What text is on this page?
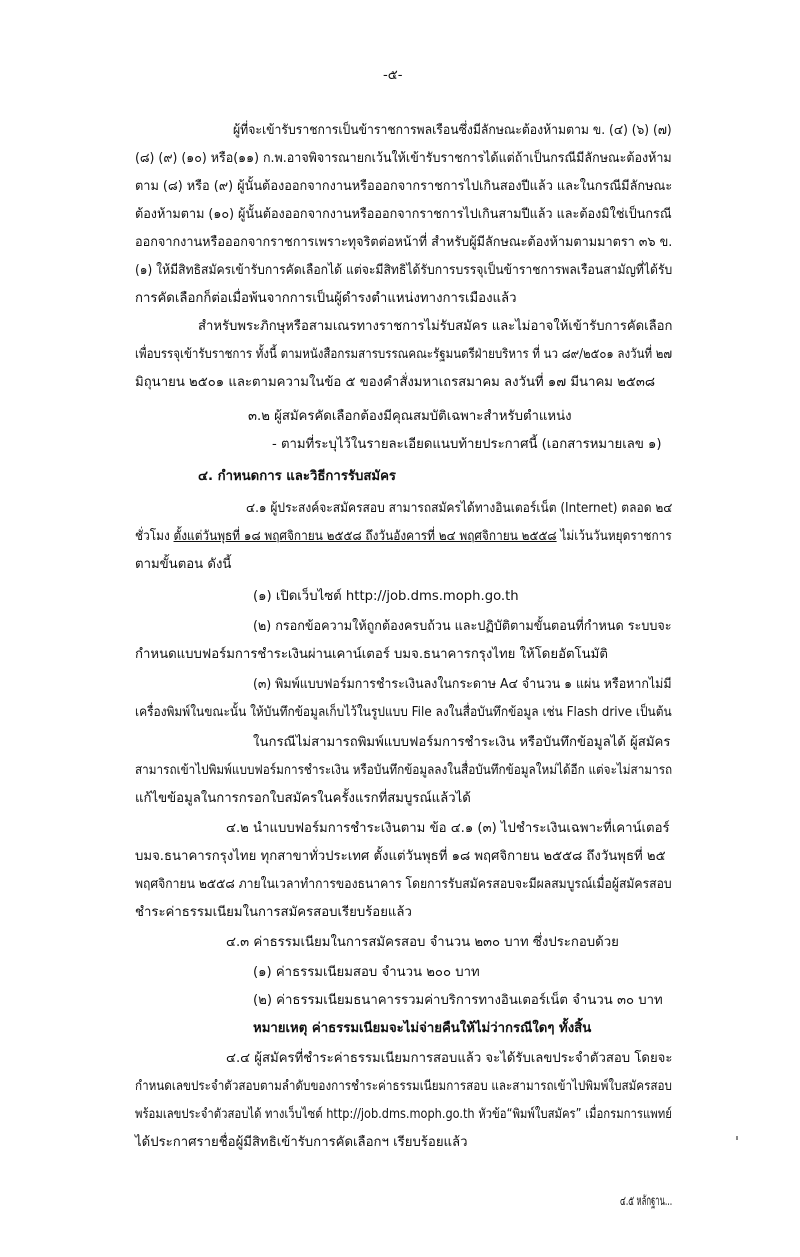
-๕-
ผู้ที่จะเข้ารับราชการเป็นข้าราชการพลเรือนซึ่งมีลักษณะต้องห้ามตาม ข. (๔) (๖) (๗)
(๘) (๙) (๑๐) หรือ(๑๑) ก.พ.อาจพิจารณายกเว้นให้เข้ารับราชการได้แต่ถ้าเป็นกรณีมีลักษณะต้องห้าม
ตาม (๘) หรือ (๙) ผู้นั้นต้องออกจากงานหรือออกจากราชการไปเกินสองปีแล้ว และในกรณีมีลักษณะ
ต้องห้ามตาม (๑๐) ผู้นั้นต้องออกจากงานหรือออกจากราชการไปเกินสามปีแล้ว และต้องมิใช่เป็นกรณี
ออกจากงานหรือออกจากราชการเพราะทุจริตต่อหน้าที่ สำหรับผู้มีลักษณะต้องห้ามตามมาตรา ๓๖ ข.
(๑) ให้มีสิทธิสมัครเข้ารับการคัดเลือกได้ แต่จะมีสิทธิได้รับการบรรจุเป็นข้าราชการพลเรือนสามัญที่ได้รับ
การคัดเลือกก็ต่อเมื่อพ้นจากการเป็นผู้ดำรงตำแหน่งทางการเมืองแล้ว
สำหรับพระภิกษุหรือสามเณรทางราชการไม่รับสมัคร และไม่อาจให้เข้ารับการคัดเลือก
เพื่อบรรจุเข้ารับราชการ ทั้งนี้ ตามหนังสือกรมสารบรรณคณะรัฐมนตรีฝ่ายบริหาร ที่ นว ๘๙/๒๕๐๑ ลงวันที่ ๒๗
มิถุนายน ๒๕๐๑ และตามความในข้อ ๕ ของคำสั่งมหาเถรสมาคม ลงวันที่ ๑๗ มีนาคม ๒๕๓๘
๓.๒ ผู้สมัครคัดเลือกต้องมีคุณสมบัติเฉพาะสำหรับตำแหน่ง
- ตามที่ระบุไว้ในรายละเอียดแนบท้ายประกาศนี้ (เอกสารหมายเลข ๑)
๔. กำหนดการ และวิธีการรับสมัคร
๔.๑ ผู้ประสงค์จะสมัครสอบ สามารถสมัครได้ทางอินเตอร์เน็ต (Internet) ตลอด ๒๔
ชั่วโมง ตั้งแต่วันพุธที่ ๑๘ พฤศจิกายน ๒๕๕๘ ถึงวันอังคารที่ ๒๔ พฤศจิกายน ๒๕๕๘ ไม่เว้นวันหยุดราชการ
ตามขั้นตอน ดังนี้
(๑) เปิดเว็บไซต์ http://job.dms.moph.go.th
(๒) กรอกข้อความให้ถูกต้องครบถ้วน และปฏิบัติตามขั้นตอนที่กำหนด ระบบจะ
กำหนดแบบฟอร์มการชำระเงินผ่านเคาน์เตอร์ บมจ.ธนาคารกรุงไทย ให้โดยอัตโนมัติ
(๓) พิมพ์แบบฟอร์มการชำระเงินลงในกระดาษ A๔ จำนวน ๑ แผ่น หรือหากไม่มี
เครื่องพิมพ์ในขณะนั้น ให้บันทึกข้อมูลเก็บไว้ในรูปแบบ File ลงในสื่อบันทึกข้อมูล เช่น Flash drive เป็นต้น
ในกรณีไม่สามารถพิมพ์แบบฟอร์มการชำระเงิน หรือบันทึกข้อมูลได้ ผู้สมัคร
สามารถเข้าไปพิมพ์แบบฟอร์มการชำระเงิน หรือบันทึกข้อมูลลงในสื่อบันทึกข้อมูลใหม่ได้อีก แต่จะไม่สามารถ
แก้ไขข้อมูลในการกรอกใบสมัครในครั้งแรกที่สมบูรณ์แล้วได้
๔.๒ นำแบบฟอร์มการชำระเงินตาม ข้อ ๔.๑ (๓) ไปชำระเงินเฉพาะที่เคาน์เตอร์
บมจ.ธนาคารกรุงไทย ทุกสาขาทั่วประเทศ ตั้งแต่วันพุธที่ ๑๘ พฤศจิกายน ๒๕๕๘ ถึงวันพุธที่ ๒๕
พฤศจิกายน ๒๕๕๘ ภายในเวลาทำการของธนาคาร โดยการรับสมัครสอบจะมีผลสมบูรณ์เมื่อผู้สมัครสอบ
ชำระค่าธรรมเนียมในการสมัครสอบเรียบร้อยแล้ว
๔.๓ ค่าธรรมเนียมในการสมัครสอบ จำนวน ๒๓๐ บาท ซึ่งประกอบด้วย
(๑) ค่าธรรมเนียมสอบ จำนวน ๒๐๐ บาท
(๒) ค่าธรรมเนียมธนาคารรวมค่าบริการทางอินเตอร์เน็ต จำนวน ๓๐ บาท
หมายเหตุ ค่าธรรมเนียมจะไม่จ่ายคืนให้ไม่ว่ากรณีใดๆ ทั้งสิ้น
๔.๔ ผู้สมัครที่ชำระค่าธรรมเนียมการสอบแล้ว จะได้รับเลขประจำตัวสอบ โดยจะ
กำหนดเลขประจำตัวสอบตามลำดับของการชำระค่าธรรมเนียมการสอบ และสามารถเข้าไปพิมพ์ใบสมัครสอบ
พร้อมเลขประจำตัวสอบได้ ทางเว็บไซต์ http://job.dms.moph.go.th หัวข้อ“พิมพ์ใบสมัคร” เมื่อกรมการแพทย์
ได้ประกาศรายชื่อผู้มีสิทธิเข้ารับการคัดเลือกฯ เรียบร้อยแล้ว
๔.๕ หลักฐาน...
